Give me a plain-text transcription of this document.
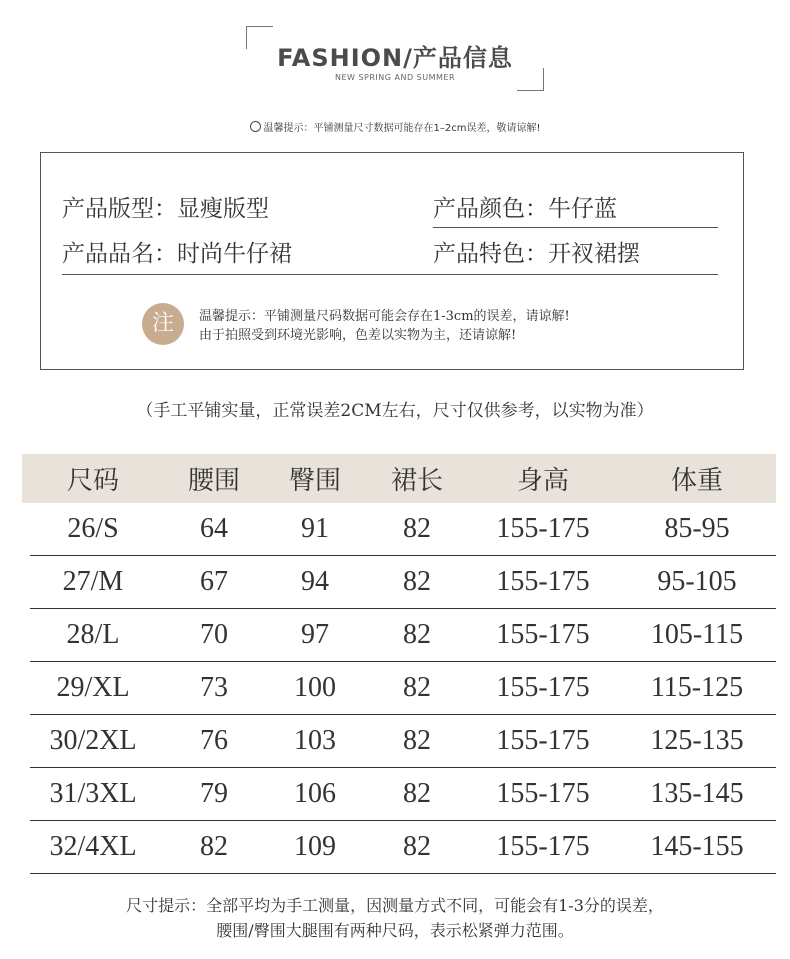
FASHION/产品信息
NEW SPRING AND SUMMER
温馨提示：平铺测量尺寸数据可能存在1–2cm误差，敬请谅解!
产品版型：显瘦版型	产品颜色：牛仔蓝
产品品名：时尚牛仔裙	产品特色：开衩裙摆
注	温馨提示：平铺测量尺码数据可能会存在1-3cm的误差，请谅解!
由于拍照受到环境光影响，色差以实物为主，还请谅解!
（手工平铺实量，正常误差2CM左右，尺寸仅供参考，以实物为准）
尺码	腰围	臀围	裙长	身高	体重
26/S	64	91	82	155-175	85-95
27/M	67	94	82	155-175	95-105
28/L	70	97	82	155-175	105-115
29/XL	73	100	82	155-175	115-125
30/2XL	76	103	82	155-175	125-135
31/3XL	79	106	82	155-175	135-145
32/4XL	82	109	82	155-175	145-155
尺寸提示：全部平均为手工测量，因测量方式不同，可能会有1-3分的误差，
腰围/臀围大腿围有两种尺码，表示松紧弹力范围。
